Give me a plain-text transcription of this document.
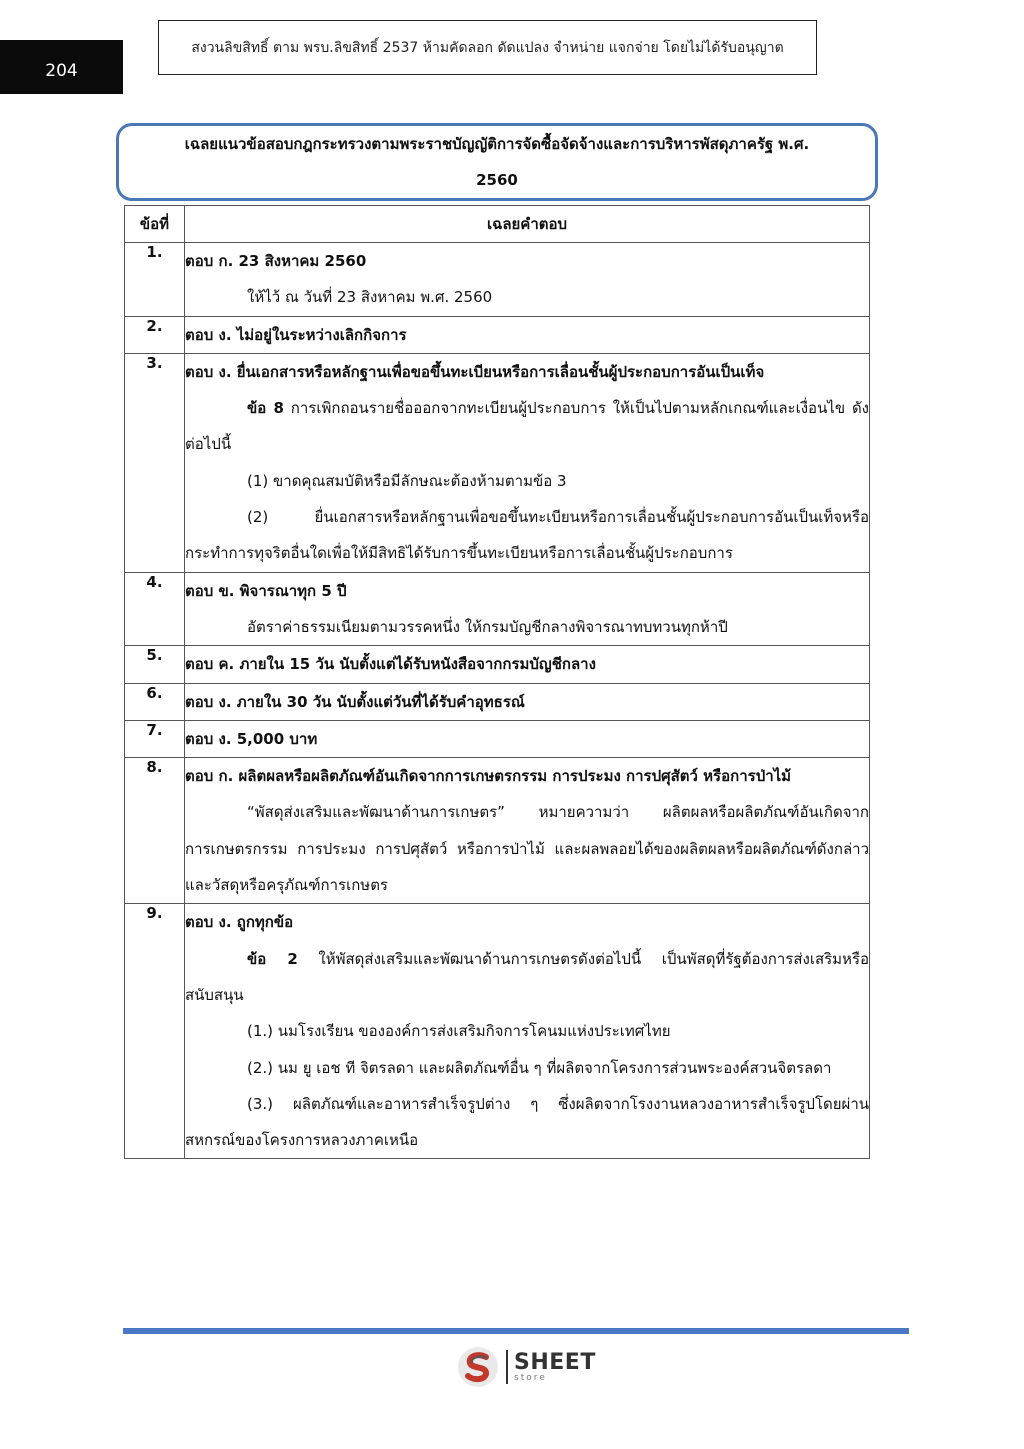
204
สงวนลิขสิทธิ์ ตาม พรบ.ลิขสิทธิ์ 2537 ห้ามคัดลอก ดัดแปลง จำหน่าย แจกจ่าย โดยไม่ได้รับอนุญาต
เฉลยแนวข้อสอบกฎกระทรวงตามพระราชบัญญัติการจัดซื้อจัดจ้างและการบริหารพัสดุภาครัฐ พ.ศ.
2560
ข้อที่	เฉลยคำตอบ
1.	ตอบ ก. 23 สิงหาคม 2560

ให้ไว้ ณ วันที่ 23 สิงหาคม พ.ศ. 2560

2.	ตอบ ง. ไม่อยู่ในระหว่างเลิกกิจการ

3.	ตอบ ง. ยื่นเอกสารหรือหลักฐานเพื่อขอขึ้นทะเบียนหรือการเลื่อนชั้นผู้ประกอบการอันเป็นเท็จ

ข้อ 8 การเพิกถอนรายชื่อออกจากทะเบียนผู้ประกอบการ ให้เป็นไปตามหลักเกณฑ์และเงื่อนไข ดังต่อไปนี้

(1) ขาดคุณสมบัติหรือมีลักษณะต้องห้ามตามข้อ 3

(2) ยื่นเอกสารหรือหลักฐานเพื่อขอขึ้นทะเบียนหรือการเลื่อนชั้นผู้ประกอบการอันเป็นเท็จหรือกระทำการทุจริตอื่นใดเพื่อให้มีสิทธิได้รับการขึ้นทะเบียนหรือการเลื่อนชั้นผู้ประกอบการ

4.	ตอบ ข. พิจารณาทุก 5 ปี

อัตราค่าธรรมเนียมตามวรรคหนึ่ง ให้กรมบัญชีกลางพิจารณาทบทวนทุกห้าปี

5.	ตอบ ค. ภายใน 15 วัน นับตั้งแต่ได้รับหนังสือจากกรมบัญชีกลาง

6.	ตอบ ง. ภายใน 30 วัน นับตั้งแต่วันที่ได้รับคำอุทธรณ์

7.	ตอบ ง. 5,000 บาท

8.	ตอบ ก. ผลิตผลหรือผลิตภัณฑ์อันเกิดจากการเกษตรกรรม การประมง การปศุสัตว์ หรือการป่าไม้

“พัสดุส่งเสริมและพัฒนาด้านการเกษตร” หมายความว่า ผลิตผลหรือผลิตภัณฑ์อันเกิดจากการเกษตรกรรม การประมง การปศุสัตว์ หรือการป่าไม้ และผลพลอยได้ของผลิตผลหรือผลิตภัณฑ์ดังกล่าวและวัสดุหรือครุภัณฑ์การเกษตร

9.	ตอบ ง. ถูกทุกข้อ

ข้อ 2 ให้พัสดุส่งเสริมและพัฒนาด้านการเกษตรดังต่อไปนี้ เป็นพัสดุที่รัฐต้องการส่งเสริมหรือสนับสนุน

(1.) นมโรงเรียน ขององค์การส่งเสริมกิจการโคนมแห่งประเทศไทย

(2.) นม ยู เอช ที จิตรลดา และผลิตภัณฑ์อื่น ๆ ที่ผลิตจากโครงการส่วนพระองค์สวนจิตรลดา

(3.) ผลิตภัณฑ์และอาหารสำเร็จรูปต่าง ๆ ซึ่งผลิตจากโรงงานหลวงอาหารสำเร็จรูปโดยผ่านสหกรณ์ของโครงการหลวงภาคเหนือ

SHEET
store
